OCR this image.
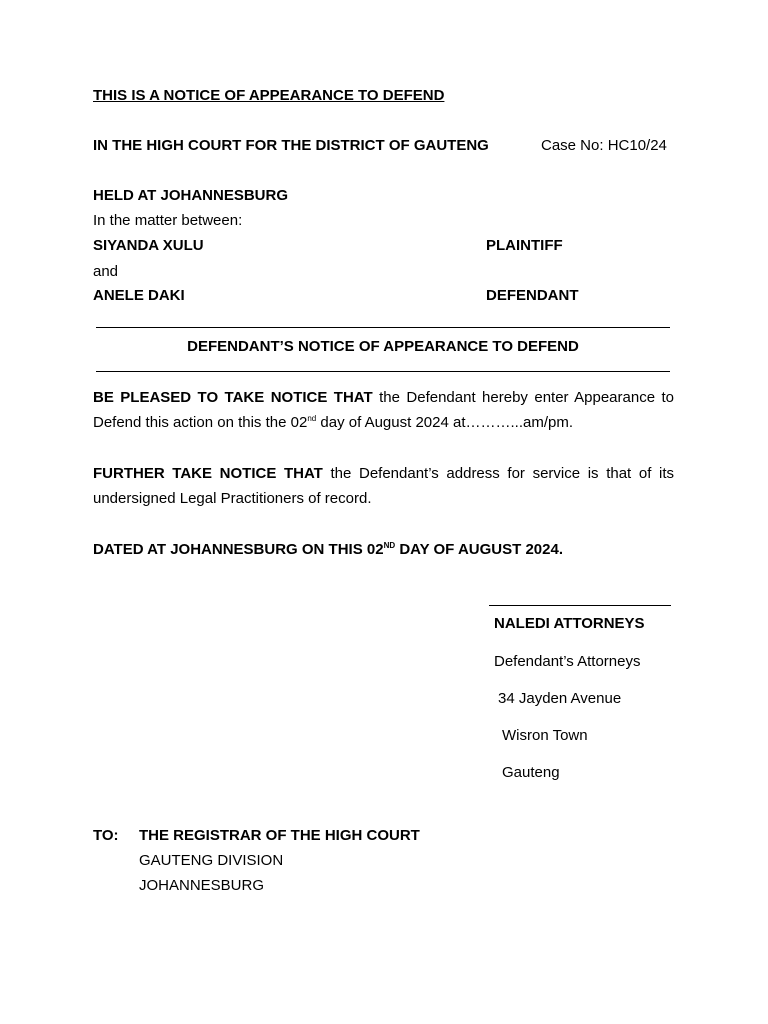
THIS IS A NOTICE OF APPEARANCE TO DEFEND
IN THE HIGH COURT FOR THE DISTRICT OF GAUTENG	Case No: HC10/24
HELD AT JOHANNESBURG
In the matter between:
SIYANDA XULU	PLAINTIFF
and
ANELE DAKI	DEFENDANT
DEFENDANT’S NOTICE OF APPEARANCE TO DEFEND
BE PLEASED TO TAKE NOTICE THAT the Defendant hereby enter Appearance to Defend this action on this the 02nd day of August 2024 at………...am/pm.
FURTHER TAKE NOTICE THAT the Defendant’s address for service is that of its undersigned Legal Practitioners of record.
DATED AT JOHANNESBURG ON THIS 02ND DAY OF AUGUST 2024.
NALEDI ATTORNEYS
Defendant’s Attorneys
34 Jayden Avenue
Wisron Town
Gauteng
TO: THE REGISTRAR OF THE HIGH COURT
GAUTENG DIVISION
JOHANNESBURG
